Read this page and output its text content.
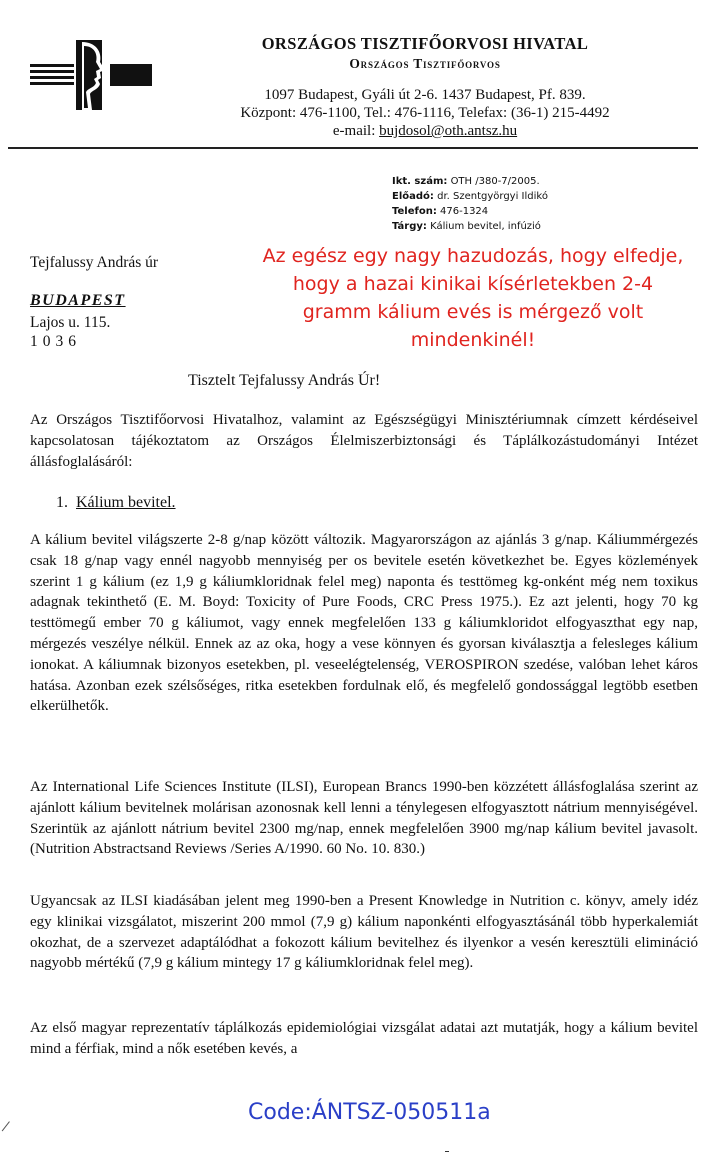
ORSZÁGOS TISZTIFŐORVOSI HIVATAL
Országos Tisztifőorvos
1097 Budapest, Gyáli út 2-6. 1437 Budapest, Pf. 839.
Központ: 476-1100, Tel.: 476-1116, Telefax: (36-1) 215-4492
e-mail: bujdosol@oth.antsz.hu
Ikt. szám: OTH /380-7/2005.
Előadó: dr. Szentgyörgyi Ildikó
Telefon: 476-1324
Tárgy: Kálium bevitel, infúzió
Az egész egy nagy hazudozás, hogy elfedje,
hogy a hazai kinikai kísérletekben 2-4
gramm kálium evés is mérgező volt
mindenkinél!
Tejfalussy András úr
BUDAPEST
Lajos u. 115.
1036
Tisztelt Tejfalussy András Úr!
Az Országos Tisztifőorvosi Hivatalhoz, valamint az Egészségügyi Minisztériumnak címzett kérdéseivel kapcsolatosan tájékoztatom az Országos Élelmiszerbiztonsági és Táplálkozástudományi Intézet állásfoglalásáról:
1. Kálium bevitel.
A kálium bevitel világszerte 2-8 g/nap között változik. Magyarországon az ajánlás 3 g/nap. Káliummérgezés csak 18 g/nap vagy ennél nagyobb mennyiség per os bevitele esetén következhet be. Egyes közlemények szerint 1 g kálium (ez 1,9 g káliumkloridnak felel meg) naponta és testtömeg kg-onként még nem toxikus adagnak tekinthető (E. M. Boyd: Toxicity of Pure Foods, CRC Press 1975.). Ez azt jelenti, hogy 70 kg testtömegű ember 70 g káliumot, vagy ennek megfelelően 133 g káliumkloridot elfogyaszthat egy nap, mérgezés veszélye nélkül. Ennek az az oka, hogy a vese könnyen és gyorsan kiválasztja a felesleges kálium ionokat. A káliumnak bizonyos esetekben, pl. veseelégtelenség, VEROSPIRON szedése, valóban lehet káros hatása. Azonban ezek szélsőséges, ritka esetekben fordulnak elő, és megfelelő gondossággal legtöbb esetben elkerülhetők.
Az International Life Sciences Institute (ILSI), European Brancs 1990-ben közzétett állásfoglalása szerint az ajánlott kálium bevitelnek molárisan azonosnak kell lenni a ténylegesen elfogyasztott nátrium mennyiségével. Szerintük az ajánlott nátrium bevitel 2300 mg/nap, ennek megfelelően 3900 mg/nap kálium bevitel javasolt. (Nutrition Abstractsand Reviews /Series A/1990. 60 No. 10. 830.)
Ugyancsak az ILSI kiadásában jelent meg 1990-ben a Present Knowledge in Nutrition c. könyv, amely idéz egy klinikai vizsgálatot, miszerint 200 mmol (7,9 g) kálium naponkénti elfogyasztásánál több hyperkalemiát okozhat, de a szervezet adaptálódhat a fokozott kálium bevitelhez és ilyenkor a vesén keresztüli elimináció nagyobb mértékű (7,9 g kálium mintegy 17 g káliumkloridnak felel meg).
Az első magyar reprezentatív táplálkozás epidemiológiai vizsgálat adatai azt mutatják, hogy a kálium bevitel mind a férfiak, mind a nők esetében kevés, a
Code:ÁNTSZ-050511a
